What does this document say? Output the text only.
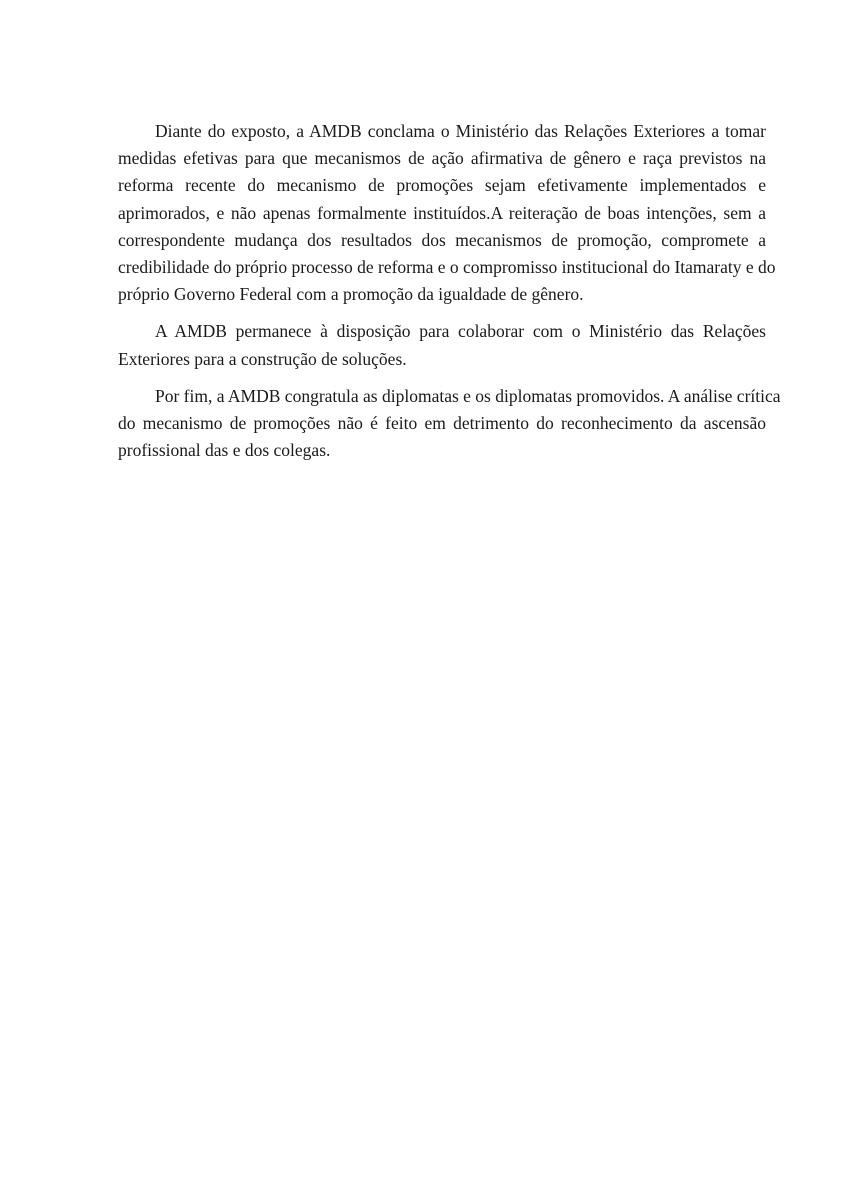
Diante do exposto, a AMDB conclama o Ministério das Relações Exteriores a tomar
medidas efetivas para que mecanismos de ação afirmativa de gênero e raça previstos na
reforma recente do mecanismo de promoções sejam efetivamente implementados e
aprimorados, e não apenas formalmente instituídos.A reiteração de boas intenções, sem a
correspondente mudança dos resultados dos mecanismos de promoção, compromete a
credibilidade do próprio processo de reforma e o compromisso institucional do Itamaraty e do
próprio Governo Federal com a promoção da igualdade de gênero.

A AMDB permanece à disposição para colaborar com o Ministério das Relações
Exteriores para a construção de soluções.

Por fim, a AMDB congratula as diplomatas e os diplomatas promovidos. A análise crítica
do mecanismo de promoções não é feito em detrimento do reconhecimento da ascensão
profissional das e dos colegas.
